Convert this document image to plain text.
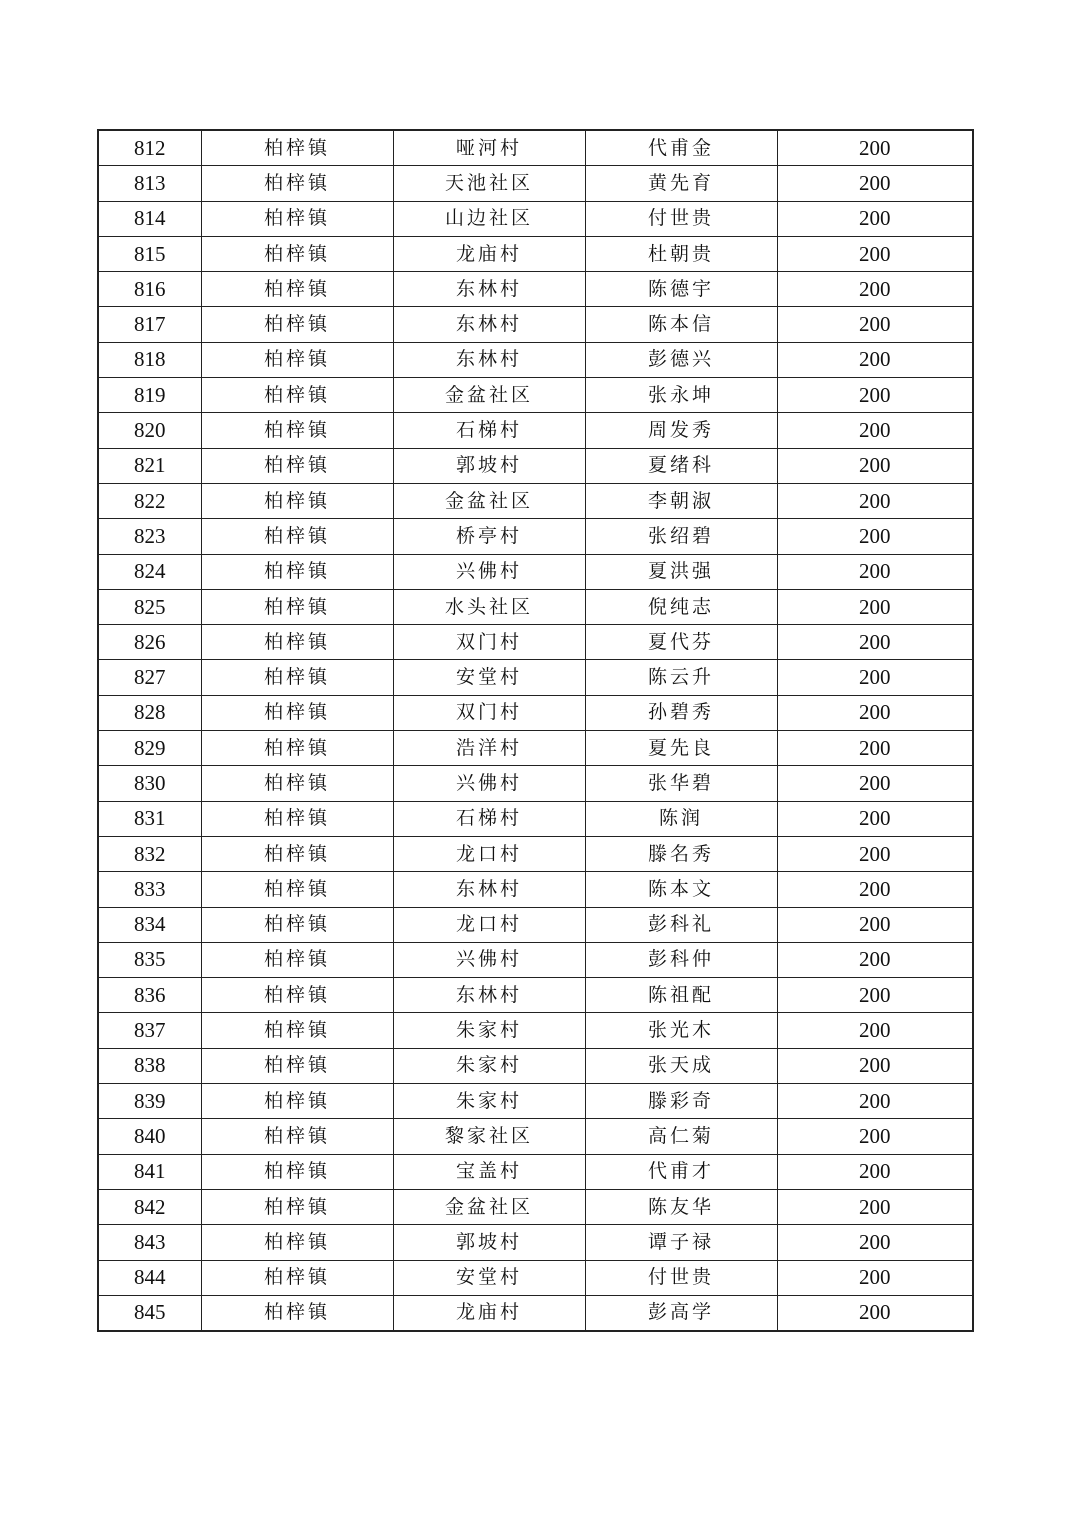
812	柏梓镇	哑河村	代甫金	200
813	柏梓镇	天池社区	黄先育	200
814	柏梓镇	山边社区	付世贵	200
815	柏梓镇	龙庙村	杜朝贵	200
816	柏梓镇	东林村	陈德宇	200
817	柏梓镇	东林村	陈本信	200
818	柏梓镇	东林村	彭德兴	200
819	柏梓镇	金盆社区	张永坤	200
820	柏梓镇	石梯村	周发秀	200
821	柏梓镇	郭坡村	夏绪科	200
822	柏梓镇	金盆社区	李朝淑	200
823	柏梓镇	桥亭村	张绍碧	200
824	柏梓镇	兴佛村	夏洪强	200
825	柏梓镇	水头社区	倪纯志	200
826	柏梓镇	双门村	夏代芬	200
827	柏梓镇	安堂村	陈云升	200
828	柏梓镇	双门村	孙碧秀	200
829	柏梓镇	浩洋村	夏先良	200
830	柏梓镇	兴佛村	张华碧	200
831	柏梓镇	石梯村	陈润	200
832	柏梓镇	龙口村	滕名秀	200
833	柏梓镇	东林村	陈本文	200
834	柏梓镇	龙口村	彭科礼	200
835	柏梓镇	兴佛村	彭科仲	200
836	柏梓镇	东林村	陈祖配	200
837	柏梓镇	朱家村	张光木	200
838	柏梓镇	朱家村	张天成	200
839	柏梓镇	朱家村	滕彩奇	200
840	柏梓镇	黎家社区	高仁菊	200
841	柏梓镇	宝盖村	代甫才	200
842	柏梓镇	金盆社区	陈友华	200
843	柏梓镇	郭坡村	谭子禄	200
844	柏梓镇	安堂村	付世贵	200
845	柏梓镇	龙庙村	彭高学	200
